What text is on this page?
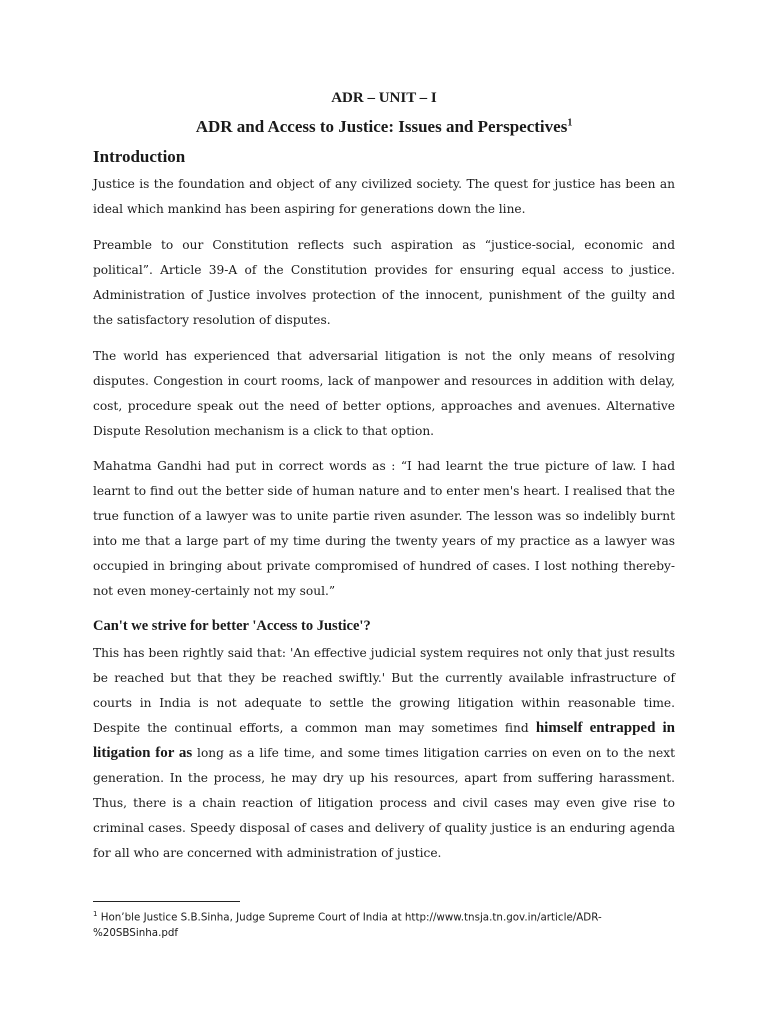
ADR – UNIT – I
ADR and Access to Justice: Issues and Perspectives$^1$
Introduction

Justice is the foundation and object of any civilized society. The quest for justice has been an ideal which mankind has been aspiring for generations down the line.

Preamble to our Constitution reflects such aspiration as “justice-social, economic and political”. Article 39-A of the Constitution provides for ensuring equal access to justice. Administration of Justice involves protection of the innocent, punishment of the guilty and the satisfactory resolution of disputes.

The world has experienced that adversarial litigation is not the only means of resolving disputes. Congestion in court rooms, lack of manpower and resources in addition with delay, cost, procedure speak out the need of better options, approaches and avenues. Alternative Dispute Resolution mechanism is a click to that option.

Mahatma Gandhi had put in correct words as : “I had learnt the true picture of law. I had learnt to find out the better side of human nature and to enter men's heart. I realised that the true function of a lawyer was to unite partie riven asunder. The lesson was so indelibly burnt into me that a large part of my time during the twenty years of my practice as a lawyer was occupied in bringing about private compromised of hundred of cases. I lost nothing thereby-not even money-certainly not my soul.”

Can't we strive for better 'Access to Justice'?

This has been rightly said that: 'An effective judicial system requires not only that just results be reached but that they be reached swiftly.' But the currently available infrastructure of courts in India is not adequate to settle the growing litigation within reasonable time. Despite the continual efforts, a common man may sometimes find himself entrapped in litigation for as long as a life time, and some times litigation carries on even on to the next generation. In the process, he may dry up his resources, apart from suffering harassment. Thus, there is a chain reaction of litigation process and civil cases may even give rise to criminal cases. Speedy disposal of cases and delivery of quality justice is an enduring agenda for all who are concerned with administration of justice.

$^1$ Hon’ble Justice S.B.Sinha, Judge Supreme Court of India at http://www.tnsja.tn.gov.in/article/ADR-%20SBSinha.pdf
